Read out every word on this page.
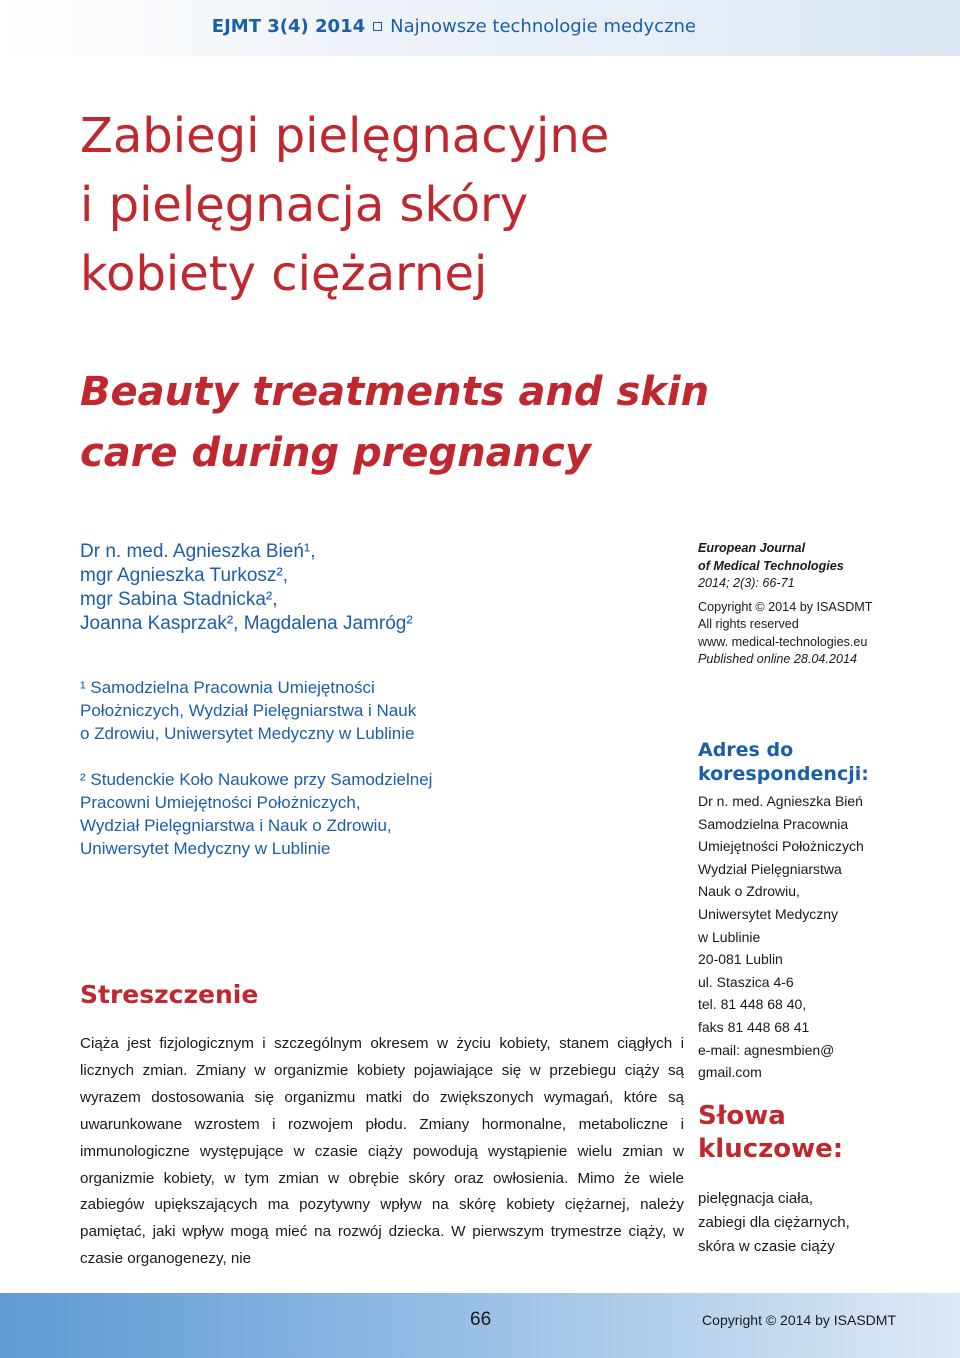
EJMT 3(4) 2014 Najnowsze technologie medyczne
Zabiegi pielęgnacyjne
i pielęgnacja skóry
kobiety ciężarnej
Beauty treatments and skin
care during pregnancy
Dr n. med. Agnieszka Bień¹,
mgr Agnieszka Turkosz²,
mgr Sabina Stadnicka²,
Joanna Kasprzak², Magdalena Jamróg²
¹ Samodzielna Pracownia Umiejętności
Położniczych, Wydział Pielęgniarstwa i Nauk
o Zdrowiu, Uniwersytet Medyczny w Lublinie
² Studenckie Koło Naukowe przy Samodzielnej
Pracowni Umiejętności Położniczych,
Wydział Pielęgniarstwa i Nauk o Zdrowiu,
Uniwersytet Medyczny w Lublinie
Streszczenie
Ciąża jest fizjologicznym i szczególnym okresem w życiu kobiety, stanem ciągłych i licznych zmian. Zmiany w organizmie kobiety pojawiające się w przebiegu ciąży są wyrazem dostosowania się organizmu matki do zwiększonych wymagań, które są uwarunkowane wzrostem i rozwojem płodu. Zmiany hormonalne, metaboliczne i immunologiczne występujące w czasie ciąży powodują wystąpienie wielu zmian w organizmie kobiety, w tym zmian w obrębie skóry oraz owłosienia. Mimo że wiele zabiegów upiększających ma pozytywny wpływ na skórę kobiety ciężarnej, należy pamiętać, jaki wpływ mogą mieć na rozwój dziecka. W pierwszym trymestrze ciąży, w czasie organogenezy, nie
European Journal
of Medical Technologies
2014; 2(3): 66-71
Copyright © 2014 by ISASDMT
All rights reserved
www. medical-technologies.eu
Published online 28.04.2014
Adres do
korespondencji:
Dr n. med. Agnieszka Bień
Samodzielna Pracownia
Umiejętności Położniczych
Wydział Pielęgniarstwa
Nauk o Zdrowiu,
Uniwersytet Medyczny
w Lublinie
20-081 Lublin
ul. Staszica 4-6
tel. 81 448 68 40,
faks 81 448 68 41
e-mail: agnesmbien@
gmail.com
Słowa
kluczowe:
pielęgnacja ciała,
zabiegi dla ciężarnych,
skóra w czasie ciąży
66	Copyright © 2014 by ISASDMT
